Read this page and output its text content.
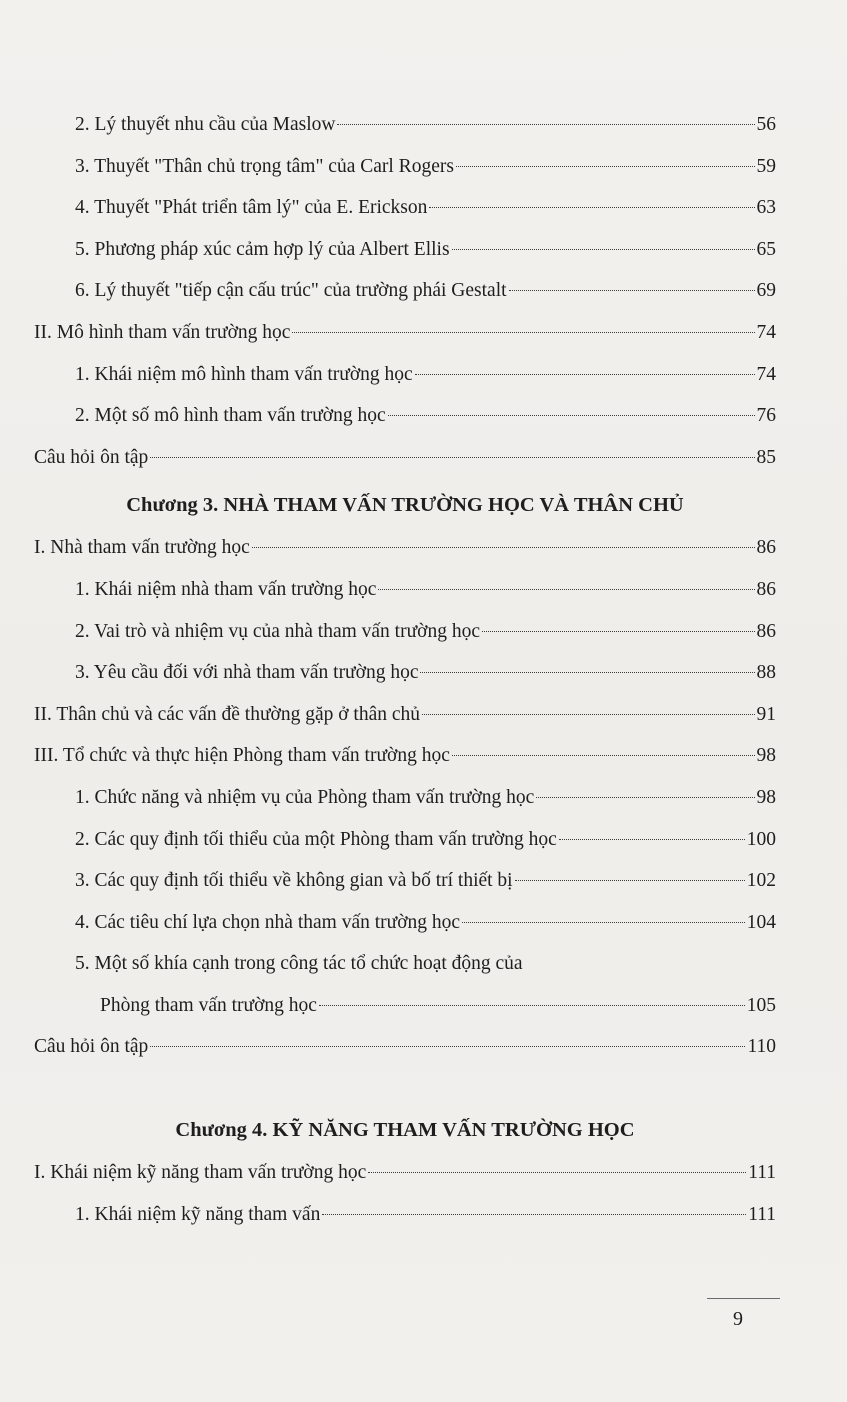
2. Lý thuyết nhu cầu của Maslow	56
3. Thuyết "Thân chủ trọng tâm" của Carl Rogers	59
4. Thuyết "Phát triển tâm lý" của E. Erickson	63
5. Phương pháp xúc cảm hợp lý của Albert Ellis	65
6. Lý thuyết "tiếp cận cấu trúc" của trường phái Gestalt	69
II. Mô hình tham vấn trường học	74
1. Khái niệm mô hình tham vấn trường học	74
2. Một số mô hình tham vấn trường học	76
Câu hỏi ôn tập	85
Chương 3. NHÀ THAM VẤN TRƯỜNG HỌC VÀ THÂN CHỦ
I. Nhà tham vấn trường học	86
1. Khái niệm nhà tham vấn trường học	86
2. Vai trò và nhiệm vụ của nhà tham vấn trường học	86
3. Yêu cầu đối với nhà tham vấn trường học	88
II. Thân chủ và các vấn đề thường gặp ở thân chủ	91
III. Tổ chức và thực hiện Phòng tham vấn trường học	98
1. Chức năng và nhiệm vụ của Phòng tham vấn trường học	98
2. Các quy định tối thiểu của một Phòng tham vấn trường học	100
3. Các quy định tối thiểu về không gian và bố trí thiết bị	102
4. Các tiêu chí lựa chọn nhà tham vấn trường học	104
5. Một số khía cạnh trong công tác tổ chức hoạt động của
Phòng tham vấn trường học	105
Câu hỏi ôn tập	110
Chương 4. KỸ NĂNG THAM VẤN TRƯỜNG HỌC
I. Khái niệm kỹ năng tham vấn trường học	111
1. Khái niệm kỹ năng tham vấn	111
9
